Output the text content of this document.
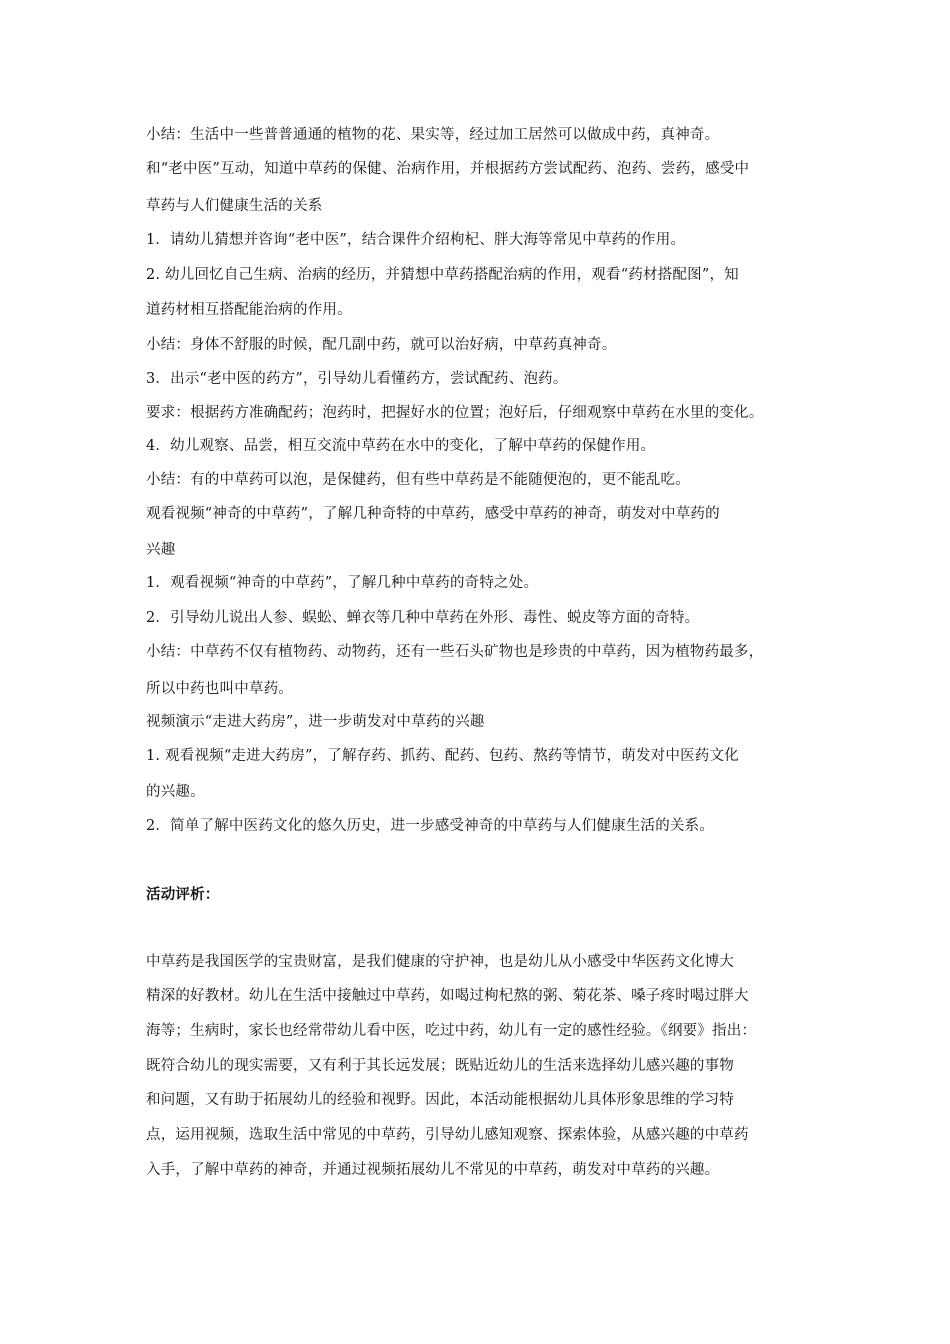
小结：生活中一些普普通通的植物的花、果实等，经过加工居然可以做成中药，真神奇。
和“老中医”互动，知道中草药的保健、治病作用，并根据药方尝试配药、泡药、尝药，感受中
草药与人们健康生活的关系
1．请幼儿猜想并咨询“老中医”，结合课件介绍枸杞、胖大海等常见中草药的作用。
2. 幼儿回忆自己生病、治病的经历，并猜想中草药搭配治病的作用，观看“药材搭配图”，知
道药材相互搭配能治病的作用。
小结：身体不舒服的时候，配几副中药，就可以治好病，中草药真神奇。
3．出示“老中医的药方”，引导幼儿看懂药方，尝试配药、泡药。
要求：根据药方准确配药；泡药时，把握好水的位置；泡好后，仔细观察中草药在水里的变化。
4．幼儿观察、品尝，相互交流中草药在水中的变化，了解中草药的保健作用。
小结：有的中草药可以泡，是保健药，但有些中草药是不能随便泡的，更不能乱吃。
观看视频“神奇的中草药”，了解几种奇特的中草药，感受中草药的神奇，萌发对中草药的
兴趣
1．观看视频“神奇的中草药”，了解几种中草药的奇特之处。
2．引导幼儿说出人参、蜈蚣、蝉衣等几种中草药在外形、毒性、蜕皮等方面的奇特。
小结：中草药不仅有植物药、动物药，还有一些石头矿物也是珍贵的中草药，因为植物药最多，
所以中药也叫中草药。
视频演示“走进大药房”，进一步萌发对中草药的兴趣
1. 观看视频“走进大药房”，了解存药、抓药、配药、包药、熬药等情节，萌发对中医药文化
的兴趣。
2．简单了解中医药文化的悠久历史，进一步感受神奇的中草药与人们健康生活的关系。
活动评析：
中草药是我国医学的宝贵财富，是我们健康的守护神，也是幼儿从小感受中华医药文化博大
精深的好教材。幼儿在生活中接触过中草药，如喝过枸杞熬的粥、菊花茶、嗓子疼时喝过胖大
海等；生病时，家长也经常带幼儿看中医，吃过中药，幼儿有一定的感性经验。《纲要》指出：
既符合幼儿的现实需要，又有利于其长远发展；既贴近幼儿的生活来选择幼儿感兴趣的事物
和问题，又有助于拓展幼儿的经验和视野。因此，本活动能根据幼儿具体形象思维的学习特
点，运用视频，选取生活中常见的中草药，引导幼儿感知观察、探索体验，从感兴趣的中草药
入手，了解中草药的神奇，并通过视频拓展幼儿不常见的中草药，萌发对中草药的兴趣。
